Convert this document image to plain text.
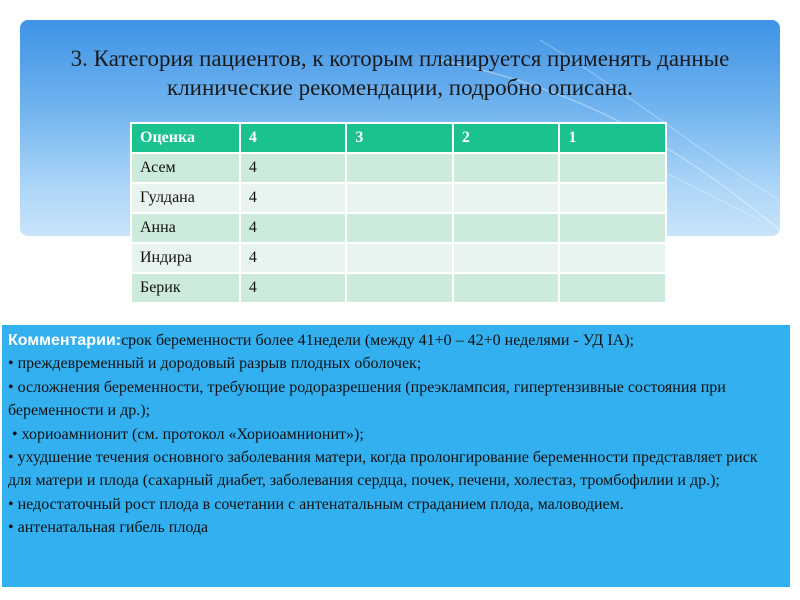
3. Категория пациентов, к которым планируется применять данные клинические рекомендации, подробно описана.
Оценка	4	3	2	1
Асем	4			
Гулдана	4			
Анна	4			
Индира	4			
Берик	4			

Комментарии:срок беременности более 41недели (между 41+0 – 42+0 неделями - УД IA);

• преждевременный и дородовый разрыв плодных оболочек;

• осложнения беременности, требующие родоразрешения (преэклампсия, гипертензивные состояния при беременности и др.);

• хориоамнионит (см. протокол «Хориоамнионит»);

• ухудшение течения основного заболевания матери, когда пролонгирование беременности представляет риск для матери и плода (сахарный диабет, заболевания сердца, почек, печени, холестаз, тромбофилии и др.);

• недостаточный рост плода в сочетании с антенатальным страданием плода, маловодием.

• антенатальная гибель плода
